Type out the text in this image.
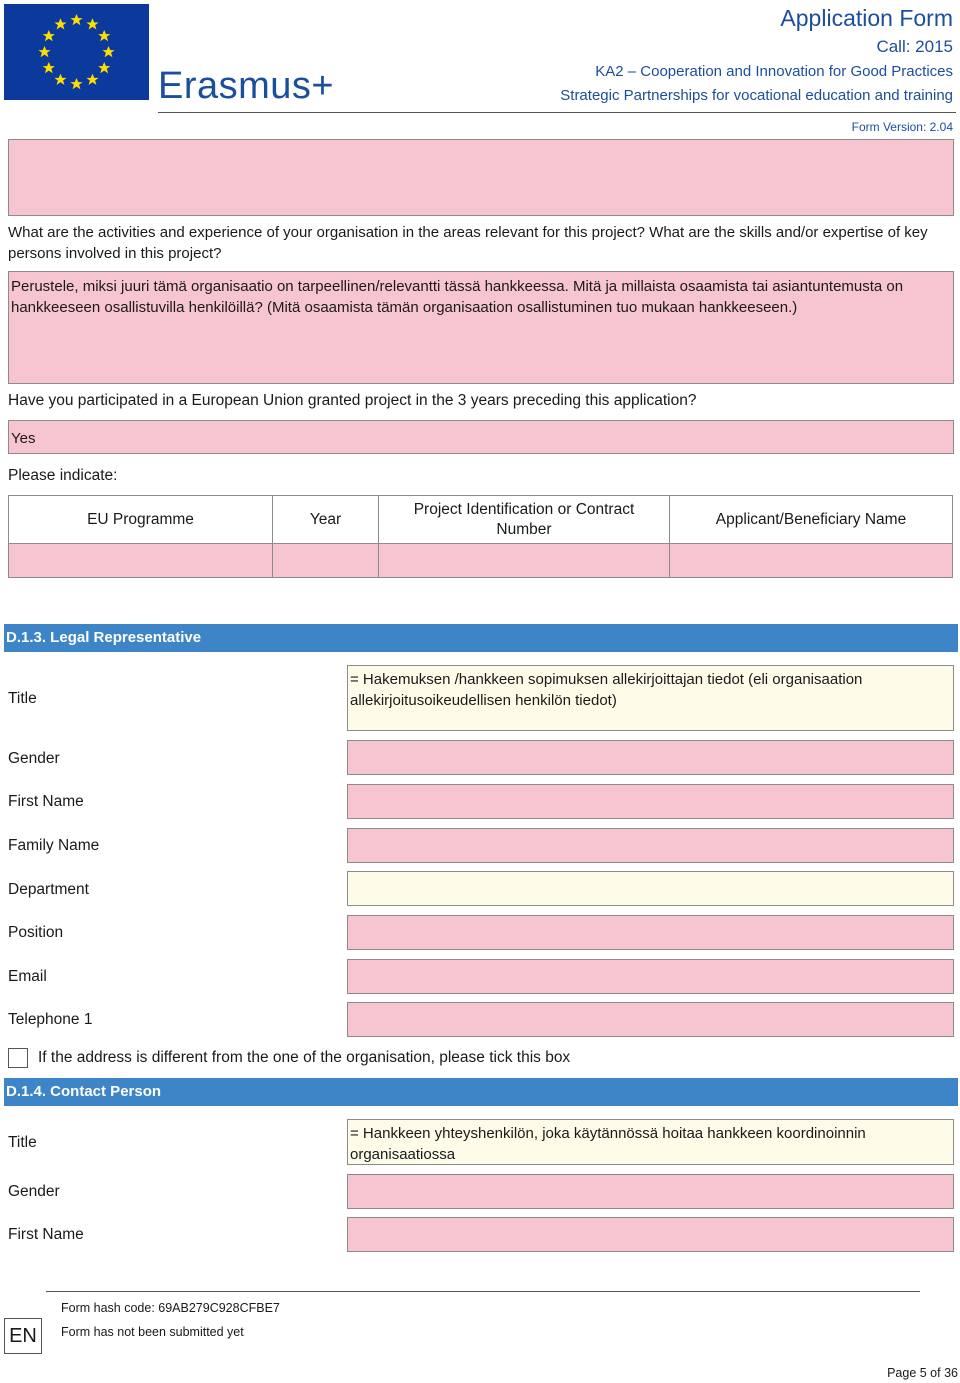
Erasmus+
Application Form
Call: 2015
KA2 – Cooperation and Innovation for Good Practices
Strategic Partnerships for vocational education and training
Form Version: 2.04
What are the activities and experience of your organisation in the areas relevant for this project? What are the skills and/or expertise of key persons involved in this project?
Perustele, miksi juuri tämä organisaatio on tarpeellinen/relevantti tässä hankkeessa. Mitä ja millaista osaamista tai asiantuntemusta on hankkeeseen osallistuvilla henkilöillä? (Mitä osaamista tämän organisaation osallistuminen tuo mukaan hankkeeseen.)
Have you participated in a European Union granted project in the 3 years preceding this application?
Yes
Please indicate:
EU Programme	Year	Project Identification or Contract Number	Applicant/Beneficiary Name

D.1.3. Legal Representative
Title
= Hakemuksen /hankkeen sopimuksen allekirjoittajan tiedot (eli organisaation allekirjoitusoikeudellisen henkilön tiedot)
Gender
First Name
Family Name
Department
Position
Email
Telephone 1
If the address is different from the one of the organisation, please tick this box
D.1.4. Contact Person
Title
= Hankkeen yhteyshenkilön, joka käytännössä hoitaa hankkeen koordinoinnin organisaatiossa
Gender
First Name
EN
Form hash code: 69AB279C928CFBE7
Form has not been submitted yet
Page 5 of 36
